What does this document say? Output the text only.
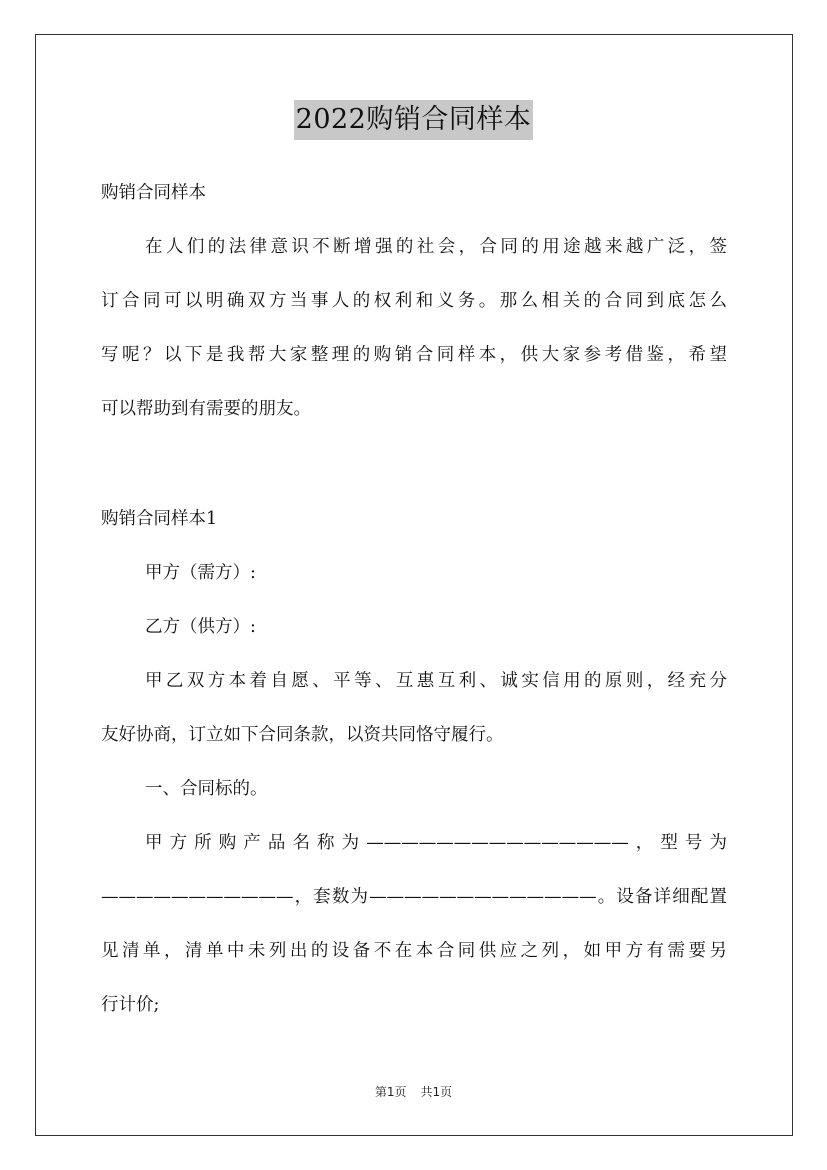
2022购销合同样本
购销合同样本
在人们的法律意识不断增强的社会，合同的用途越来越广泛，签
订合同可以明确双方当事人的权利和义务。那么相关的合同到底怎么
写呢？以下是我帮大家整理的购销合同样本，供大家参考借鉴，希望
可以帮助到有需要的朋友。
购销合同样本1
甲方（需方）:
乙方（供方）:
甲乙双方本着自愿、平等、互惠互利、诚实信用的原则，经充分
友好协商，订立如下合同条款，以资共同恪守履行。
一、合同标的。
甲方所购产品名称为———————————————，型号为
———————————，套数为—————————————。设备详细配置
见清单，清单中未列出的设备不在本合同供应之列，如甲方有需要另
行计价;
第1页 共1页
